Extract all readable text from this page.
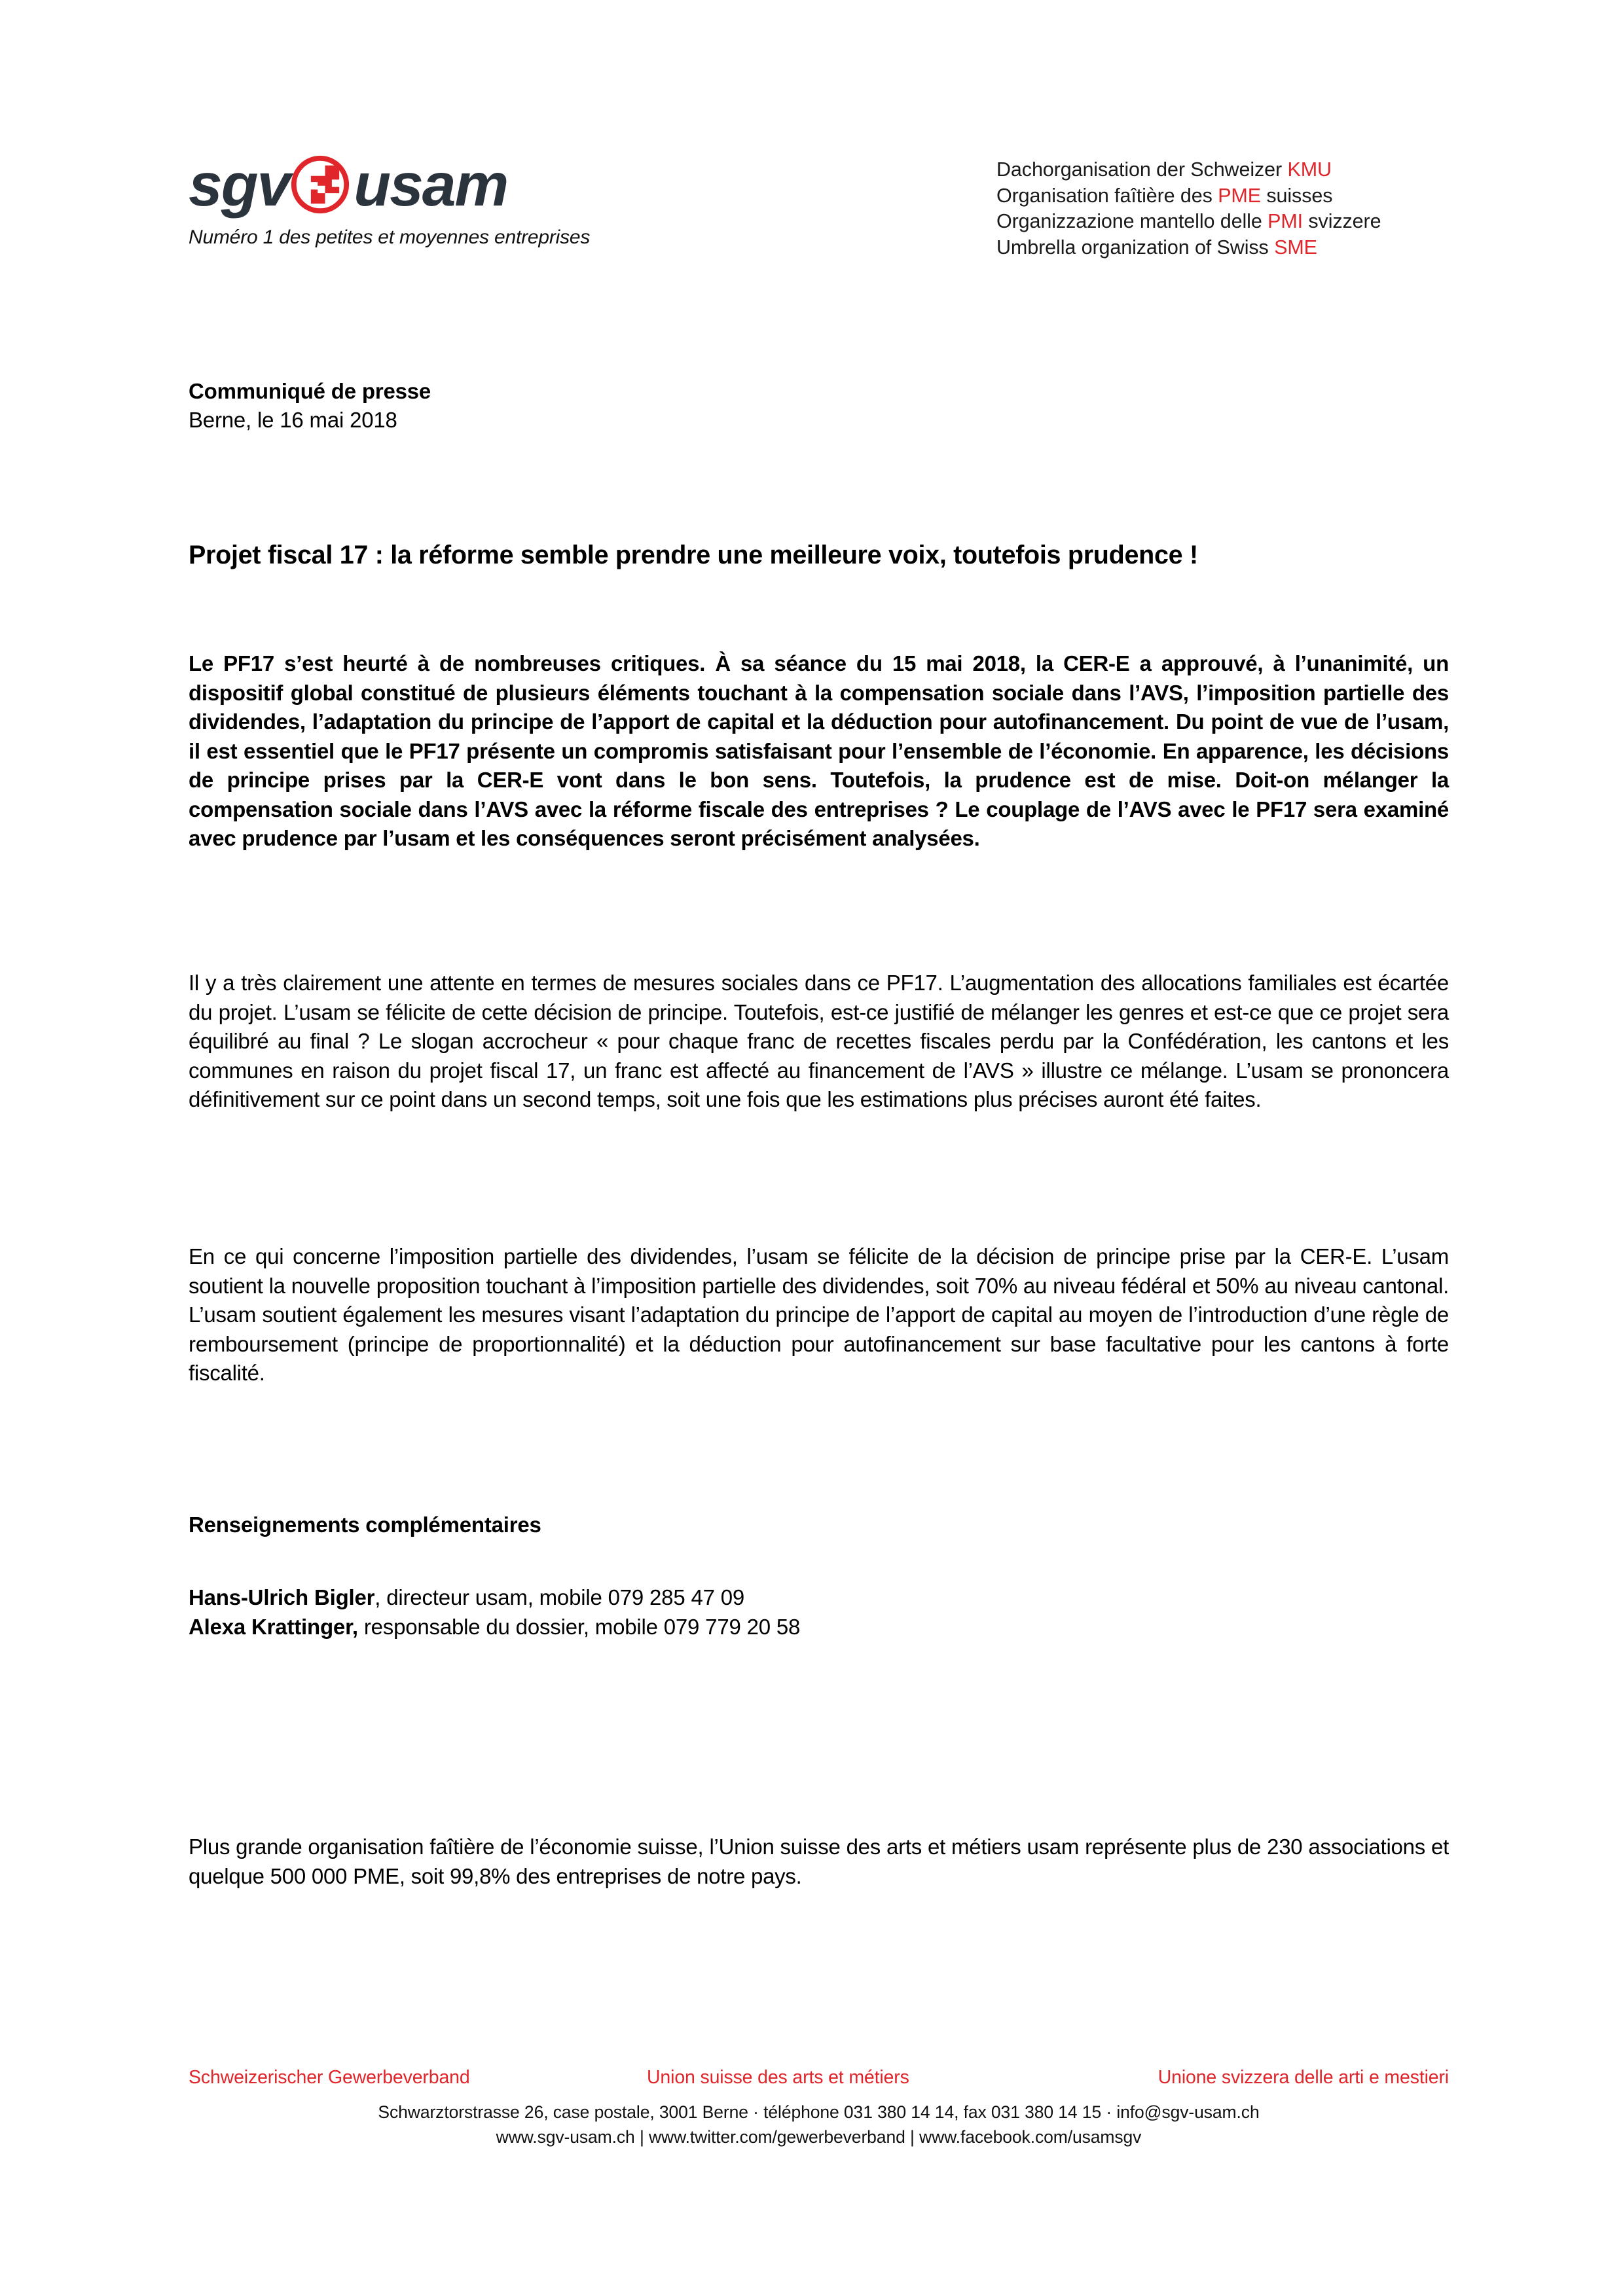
sgv usam
Numéro 1 des petites et moyennes entreprises
Dachorganisation der Schweizer KMU
Organisation faîtière des PME suisses
Organizzazione mantello delle PMI svizzere
Umbrella organization of Swiss SME
Communiqué de presse
Berne, le 16 mai 2018
Projet fiscal 17 : la réforme semble prendre une meilleure voix, toutefois prudence !

Le PF17 s’est heurté à de nombreuses critiques. À sa séance du 15 mai 2018, la CER-E a approuvé, à l’unanimité, un dispositif global constitué de plusieurs éléments touchant à la compensation sociale dans l’AVS, l’imposition partielle des dividendes, l’adaptation du principe de l’apport de capital et la déduction pour autofinancement. Du point de vue de l’usam, il est essentiel que le PF17 présente un compromis satisfaisant pour l’ensemble de l’économie. En apparence, les décisions de principe prises par la CER-E vont dans le bon sens. Toutefois, la prudence est de mise. Doit-on mélanger la compensation sociale dans l’AVS avec la réforme fiscale des entreprises ? Le couplage de l’AVS avec le PF17 sera examiné avec prudence par l’usam et les conséquences seront précisément analysées.

Il y a très clairement une attente en termes de mesures sociales dans ce PF17. L’augmentation des allocations familiales est écartée du projet. L’usam se félicite de cette décision de principe. Toutefois, est-ce justifié de mélanger les genres et est-ce que ce projet sera équilibré au final ? Le slogan accrocheur « pour chaque franc de recettes fiscales perdu par la Confédération, les cantons et les communes en raison du projet fiscal 17, un franc est affecté au financement de l’AVS » illustre ce mélange. L’usam se prononcera définitivement sur ce point dans un second temps, soit une fois que les estimations plus précises auront été faites.

En ce qui concerne l’imposition partielle des dividendes, l’usam se félicite de la décision de principe prise par la CER-E. L’usam soutient la nouvelle proposition touchant à l’imposition partielle des dividendes, soit 70% au niveau fédéral et 50% au niveau cantonal. L’usam soutient également les mesures visant l’adaptation du principe de l’apport de capital au moyen de l’introduction d’une règle de remboursement (principe de proportionnalité) et la déduction pour autofinancement sur base facultative pour les cantons à forte fiscalité.

Renseignements complémentaires
Hans-Ulrich Bigler, directeur usam, mobile 079 285 47 09
Alexa Krattinger, responsable du dossier, mobile 079 779 20 58

Plus grande organisation faîtière de l’économie suisse, l’Union suisse des arts et métiers usam représente plus de 230 associations et quelque 500 000 PME, soit 99,8% des entreprises de notre pays.

Schweizerischer Gewerbeverband	Union suisse des arts et métiers	Unione svizzera delle arti e mestieri
Schwarztorstrasse 26, case postale, 3001 Berne · téléphone 031 380 14 14, fax 031 380 14 15 · info@sgv-usam.ch
www.sgv-usam.ch | www.twitter.com/gewerbeverband | www.facebook.com/usamsgv
